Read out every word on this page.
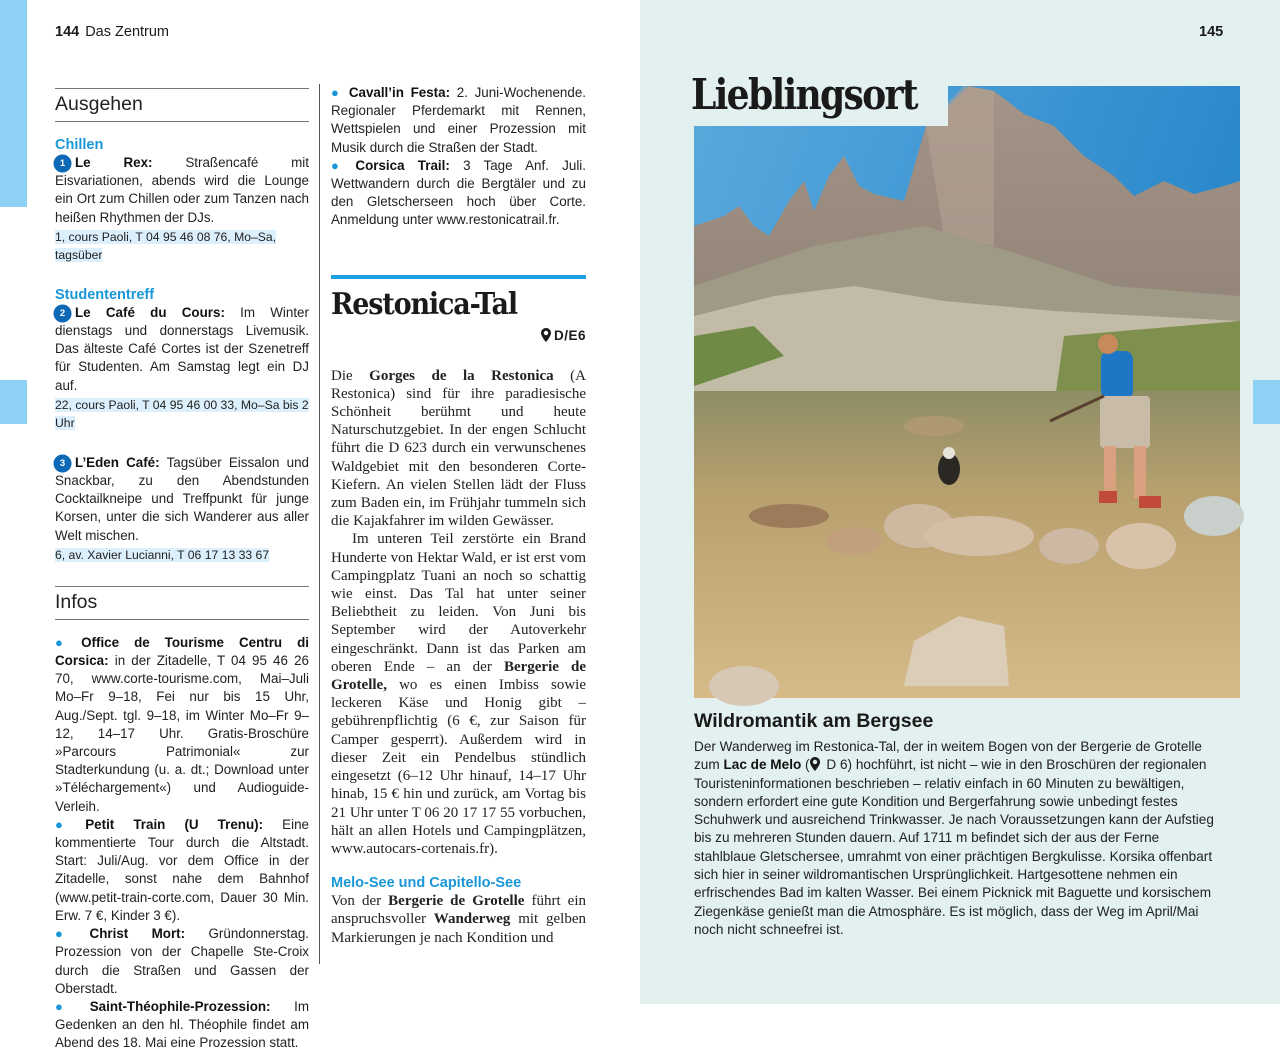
144 Das Zentrum	145
Ausgehen
Chillen
1 Le Rex: Straßencafé mit Eisvariationen, abends wird die Lounge ein Ort zum Chillen oder zum Tanzen nach heißen Rhythmen der DJs.
1, cours Paoli, T 04 95 46 08 76, Mo–Sa, tagsüber
Studententreff
2 Le Café du Cours: Im Winter dienstags und donnerstags Livemusik. Das älteste Café Cortes ist der Szenetreff für Studenten. Am Samstag legt ein DJ auf.
22, cours Paoli, T 04 95 46 00 33, Mo–Sa bis 2 Uhr
3 L’Eden Café: Tagsüber Eissalon und Snackbar, zu den Abendstunden Cocktailkneipe und Treffpunkt für junge Korsen, unter die sich Wanderer aus aller Welt mischen.
6, av. Xavier Lucianni, T 06 17 13 33 67
Infos
● Office de Tourisme Centru di Corsica: in der Zitadelle, T 04 95 46 26 70, www.corte-tourisme.com, Mai–Juli Mo–Fr 9–18, Fei nur bis 15 Uhr, Aug./Sept. tgl. 9–18, im Winter Mo–Fr 9–12, 14–17 Uhr. Gratis-Broschüre »Parcours Patrimonial« zur Stadterkundung (u. a. dt.; Download unter »Téléchargement«) und Audioguide-Verleih.
● Petit Train (U Trenu): Eine kommentierte Tour durch die Altstadt. Start: Juli/Aug. vor dem Office in der Zitadelle, sonst nahe dem Bahnhof (www.petit-train-corte.com, Dauer 30 Min. Erw. 7 €, Kinder 3 €).
● Christ Mort: Gründonnerstag. Prozession von der Chapelle Ste-Croix durch die Straßen und Gassen der Oberstadt.
● Saint-Théophile-Prozession: Im Gedenken an den hl. Théophile findet am Abend des 18. Mai eine Prozession statt.
● Cavall’in Festa: 2. Juni-Wochenende. Regionaler Pferdemarkt mit Rennen, Wettspielen und einer Prozession mit Musik durch die Straßen der Stadt.
● Corsica Trail: 3 Tage Anf. Juli. Wettwandern durch die Bergtäler und zu den Gletscherseen hoch über Corte. Anmeldung unter www.restonicatrail.fr.
Restonica-Tal
D/E6

Die Gorges de la Restonica (A Restonica) sind für ihre paradiesische Schönheit berühmt und heute Naturschutzgebiet. In der engen Schlucht führt die D 623 durch ein verwunschenes Waldgebiet mit den besonderen Corte-Kiefern. An vielen Stellen lädt der Fluss zum Baden ein, im Frühjahr tummeln sich die Kajakfahrer im wilden Gewässer.

Im unteren Teil zerstörte ein Brand Hunderte von Hektar Wald, er ist erst vom Campingplatz Tuani an noch so schattig wie einst. Das Tal hat unter seiner Beliebtheit zu leiden. Von Juni bis September wird der Autoverkehr eingeschränkt. Dann ist das Parken am oberen Ende – an der Bergerie de Grotelle, wo es einen Imbiss sowie leckeren Käse und Honig gibt – gebührenpflichtig (6 €, zur Saison für Camper gesperrt). Außerdem wird in dieser Zeit ein Pendelbus stündlich eingesetzt (6–12 Uhr hinauf, 14–17 Uhr hinab, 15 € hin und zurück, am Vortag bis 21 Uhr unter T 06 20 17 17 55 vorbuchen, hält an allen Hotels und Campingplätzen, www.autocars-cortenais.fr).

Melo-See und Capitello-See

Von der Bergerie de Grotelle führt ein anspruchsvoller Wanderweg mit gelben Markierungen je nach Kondition und

Lieblingsort
Wildromantik am Bergsee
Der Wanderweg im Restonica-Tal, der in weitem Bogen von der Bergerie de Grotelle zum Lac de Melo ( D 6) hochführt, ist nicht – wie in den Broschüren der regionalen Touristeninformationen beschrieben – relativ einfach in 60 Minuten zu bewältigen, sondern erfordert eine gute Kondition und Bergerfahrung sowie unbedingt festes Schuhwerk und ausreichend Trinkwasser. Je nach Voraussetzungen kann der Aufstieg bis zu mehreren Stunden dauern. Auf 1711 m befindet sich der aus der Ferne stahlblaue Gletschersee, umrahmt von einer prächtigen Bergkulisse. Korsika offenbart sich hier in seiner wildromantischen Ursprünglichkeit. Hartgesottene nehmen ein erfrischendes Bad im kalten Wasser. Bei einem Picknick mit Baguette und korsischem Ziegenkäse genießt man die Atmosphäre. Es ist möglich, dass der Weg im April/Mai noch nicht schneefrei ist.
